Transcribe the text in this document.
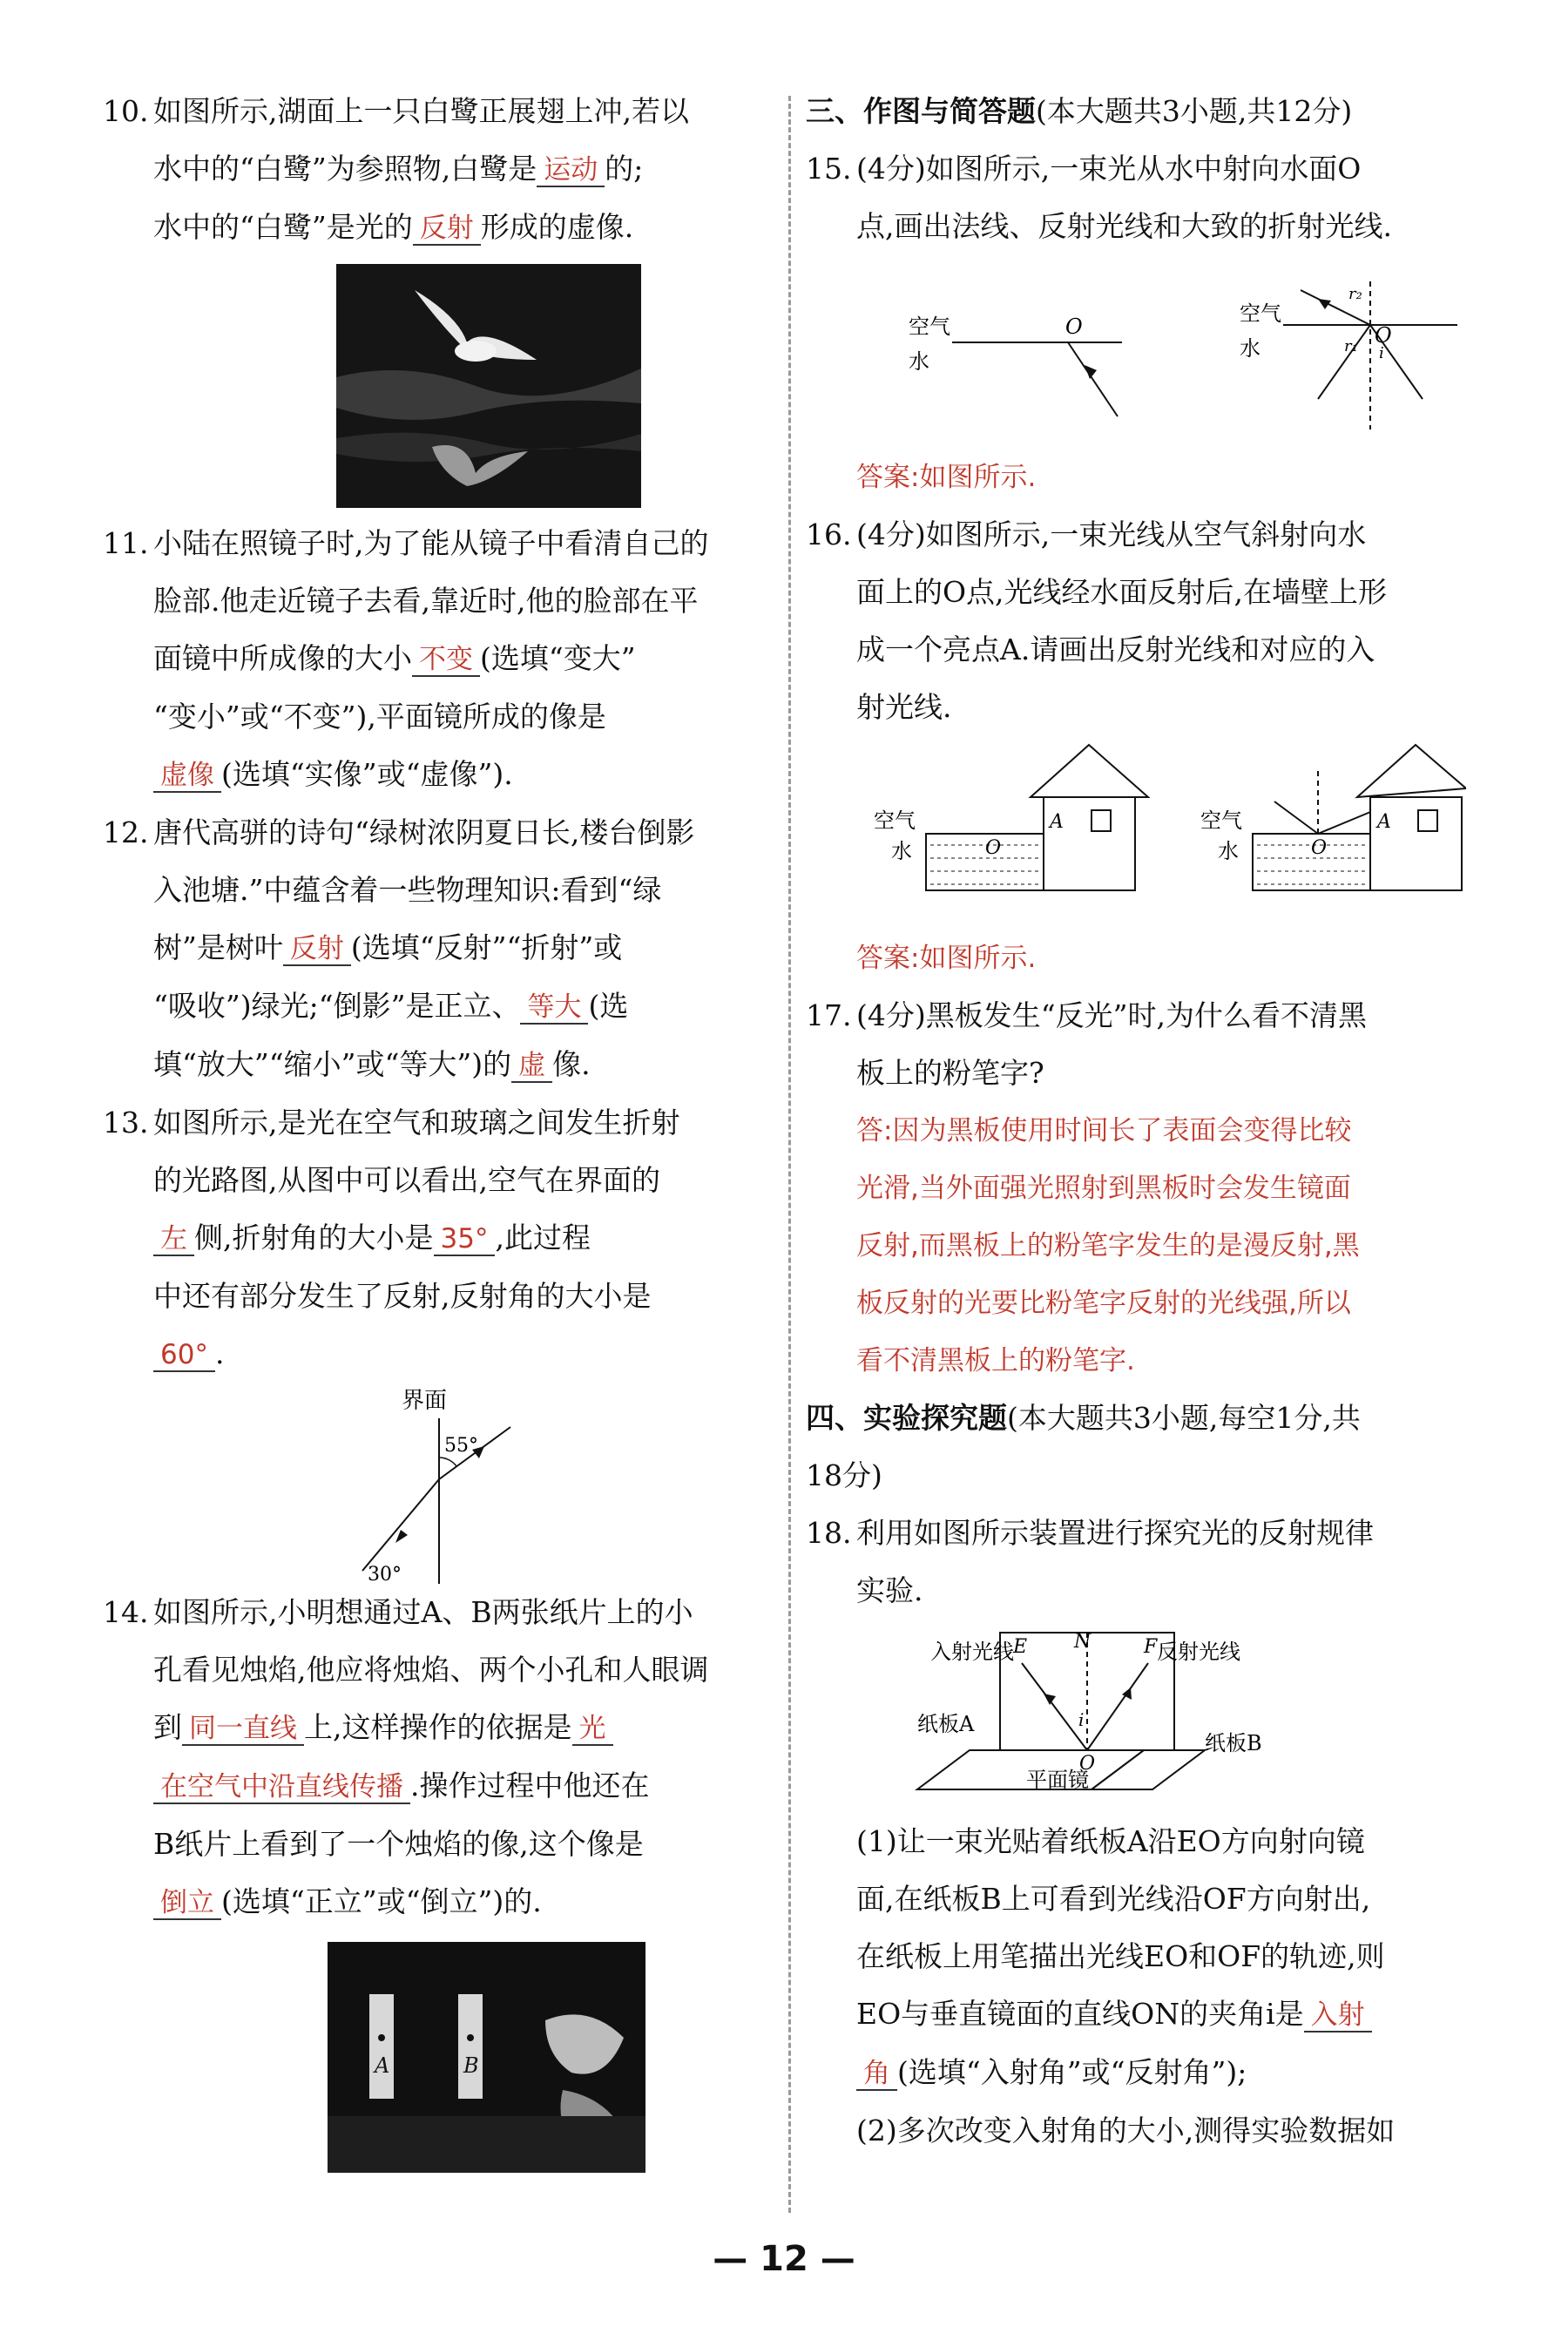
10. 如图所示,湖面上一只白鹭正展翅上冲,若以
水中的“白鹭”为参照物,白鹭是 运动 的;
水中的“白鹭”是光的 反射 形成的虚像.
11. 小陆在照镜子时,为了能从镜子中看清自己的
脸部.他走近镜子去看,靠近时,他的脸部在平
面镜中所成像的大小 不变 (选填“变大”
“变小”或“不变”),平面镜所成的像是
虚像 (选填“实像”或“虚像”).
12. 唐代高骈的诗句“绿树浓阴夏日长,楼台倒影
入池塘.”中蕴含着一些物理知识:看到“绿
树”是树叶 反射 (选填“反射”“折射”或
“吸收”)绿光;“倒影”是正立、 等大 (选
填“放大”“缩小”或“等大”)的 虚 像.
13. 如图所示,是光在空气和玻璃之间发生折射
的光路图,从图中可以看出,空气在界面的
左 侧,折射角的大小是 35° ,此过程
中还有部分发生了反射,反射角的大小是
60° .
界面
55°
30°
14. 如图所示,小明想通过A、B两张纸片上的小
孔看见烛焰,他应将烛焰、两个小孔和人眼调
到 同一直线 上,这样操作的依据是 光
在空气中沿直线传播 .操作过程中他还在
B纸片上看到了一个烛焰的像,这个像是
倒立 (选填“正立”或“倒立”)的.
A	B
三、作图与简答题(本大题共3小题,共12分)
15. (4分)如图所示,一束光从水中射向水面O
点,画出法线、反射光线和大致的折射光线.
空气
水
O
空气
水
O
r₂
r₁ i
答案:如图所示.
16. (4分)如图所示,一束光线从空气斜射向水
面上的O点,光线经水面反射后,在墙壁上形
成一个亮点A.请画出反射光线和对应的入
射光线.
空气
水	O
A	空气
水	O
A
答案:如图所示.
17. (4分)黑板发生“反光”时,为什么看不清黑
板上的粉笔字?
答:因为黑板使用时间长了表面会变得比较
光滑,当外面强光照射到黑板时会发生镜面
反射,而黑板上的粉笔字发生的是漫反射,黑
板反射的光要比粉笔字反射的光线强,所以
看不清黑板上的粉笔字.
四、实验探究题(本大题共3小题,每空1分,共
18分)
18. 利用如图所示装置进行探究光的反射规律
实验.
入射光线	反射光线
纸板A
纸板B
平面镜
E N	F
i
O
(1)让一束光贴着纸板A沿EO方向射向镜
面,在纸板B上可看到光线沿OF方向射出,
在纸板上用笔描出光线EO和OF的轨迹,则
EO与垂直镜面的直线ON的夹角i是 入射
角 (选填“入射角”或“反射角”);
(2)多次改变入射角的大小,测得实验数据如
— 12 —
